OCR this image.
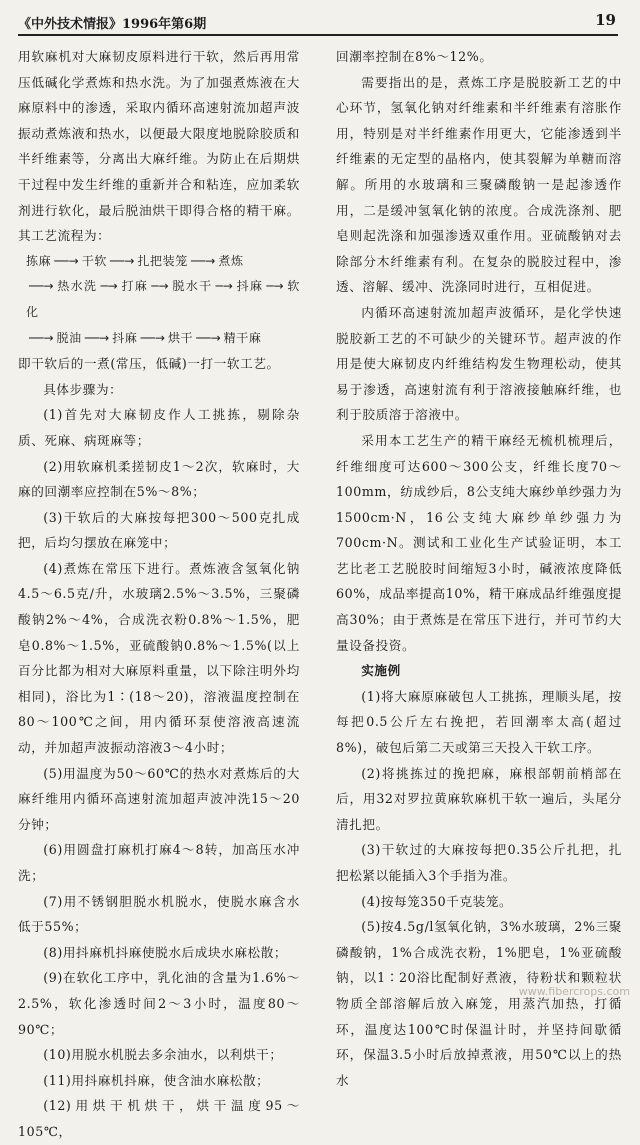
《中外技术情报》1996年第6期	19

用软麻机对大麻韧皮原料进行干软，然后再用常压低碱化学煮炼和热水洗。为了加强煮炼液在大麻原料中的渗透，采取内循环高速射流加超声波振动煮炼液和热水，以便最大限度地脱除胶质和半纤维素等，分离出大麻纤维。为防止在后期烘干过程中发生纤维的重新并合和粘连，应加柔软剂进行软化，最后脱油烘干即得合格的精干麻。其工艺流程为：

拣麻 ──→ 干软 ──→ 扎把装笼 ──→ 煮炼
──→ 热水洗 ─→ 打麻 ─→ 脱水干 ─→ 抖麻 ─→ 软化
──→ 脱油 ──→ 抖麻 ──→ 烘干 ──→ 精干麻

即干软后的一煮(常压，低碱)一打一软工艺。

具体步骤为：

(1)首先对大麻韧皮作人工挑拣，剔除杂质、死麻、病斑麻等；

(2)用软麻机柔搓韧皮1～2次，软麻时，大麻的回潮率应控制在5%～8%；

(3)干软后的大麻按每把300～500克扎成把，后均匀摆放在麻笼中；

(4)煮炼在常压下进行。煮炼液含氢氧化钠4.5～6.5克/升，水玻璃2.5%～3.5%，三聚磷酸钠2%～4%，合成洗衣粉0.8%～1.5%，肥皂0.8%～1.5%，亚硫酸钠0.8%～1.5%(以上百分比都为相对大麻原料重量，以下除注明外均相同)，浴比为1∶(18～20)，溶液温度控制在80～100℃之间，用内循环泵使溶液高速流动，并加超声波振动溶液3～4小时；

(5)用温度为50～60℃的热水对煮炼后的大麻纤维用内循环高速射流加超声波冲洗15～20分钟；

(6)用圆盘打麻机打麻4～8转，加高压水冲洗；

(7)用不锈钢胆脱水机脱水，使脱水麻含水低于55%；

(8)用抖麻机抖麻使脱水后成块水麻松散；

(9)在软化工序中，乳化油的含量为1.6%～2.5%，软化渗透时间2～3小时，温度80～90℃；

(10)用脱水机脱去多余油水，以利烘干；

(11)用抖麻机抖麻，使含油水麻松散；

(12)用烘干机烘干，烘干温度95～105℃，

回潮率控制在8%～12%。

需要指出的是，煮炼工序是脱胶新工艺的中心环节，氢氧化钠对纤维素和半纤维素有溶胀作用，特别是对半纤维素作用更大，它能渗透到半纤维素的无定型的晶格内，使其裂解为单糖而溶解。所用的水玻璃和三聚磷酸钠一是起渗透作用，二是缓冲氢氧化钠的浓度。合成洗涤剂、肥皂则起洗涤和加强渗透双重作用。亚硫酸钠对去除部分木纤维素有利。在复杂的脱胶过程中，渗透、溶解、缓冲、洗涤同时进行，互相促进。

内循环高速射流加超声波循环，是化学快速脱胶新工艺的不可缺少的关键环节。超声波的作用是使大麻韧皮内纤维结构发生物理松动，使其易于渗透，高速射流有利于溶液接触麻纤维，也利于胶质溶于溶液中。

采用本工艺生产的精干麻经无梳机梳理后，纤维细度可达600～300公支，纤维长度70～100mm，纺成纱后，8公支纯大麻纱单纱强力为1500cm·N，16公支纯大麻纱单纱强力为700cm·N。测试和工业化生产试验证明，本工艺比老工艺脱胶时间缩短3小时，碱液浓度降低60%，成品率提高10%，精干麻成品纤维强度提高30%；由于煮炼是在常压下进行，并可节约大量设备投资。

实施例

(1)将大麻原麻破包人工挑拣，理顺头尾，按每把0.5公斤左右挽把，若回潮率太高(超过8%)，破包后第二天或第三天投入干软工序。

(2)将挑拣过的挽把麻，麻根部朝前梢部在后，用32对罗拉黄麻软麻机干软一遍后，头尾分清扎把。

(3)干软过的大麻按每把0.35公斤扎把，扎把松紧以能插入3个手指为准。

(4)按每笼350千克装笼。

(5)按4.5g/l氢氧化钠，3%水玻璃，2%三聚磷酸钠，1%合成洗衣粉，1%肥皂，1%亚硫酸钠，以1∶20浴比配制好煮液，待粉状和颗粒状物质全部溶解后放入麻笼，用蒸汽加热，打循环，温度达100℃时保温计时，并坚持间歇循环，保温3.5小时后放掉煮液，用50℃以上的热水

www.fibercrops.com
